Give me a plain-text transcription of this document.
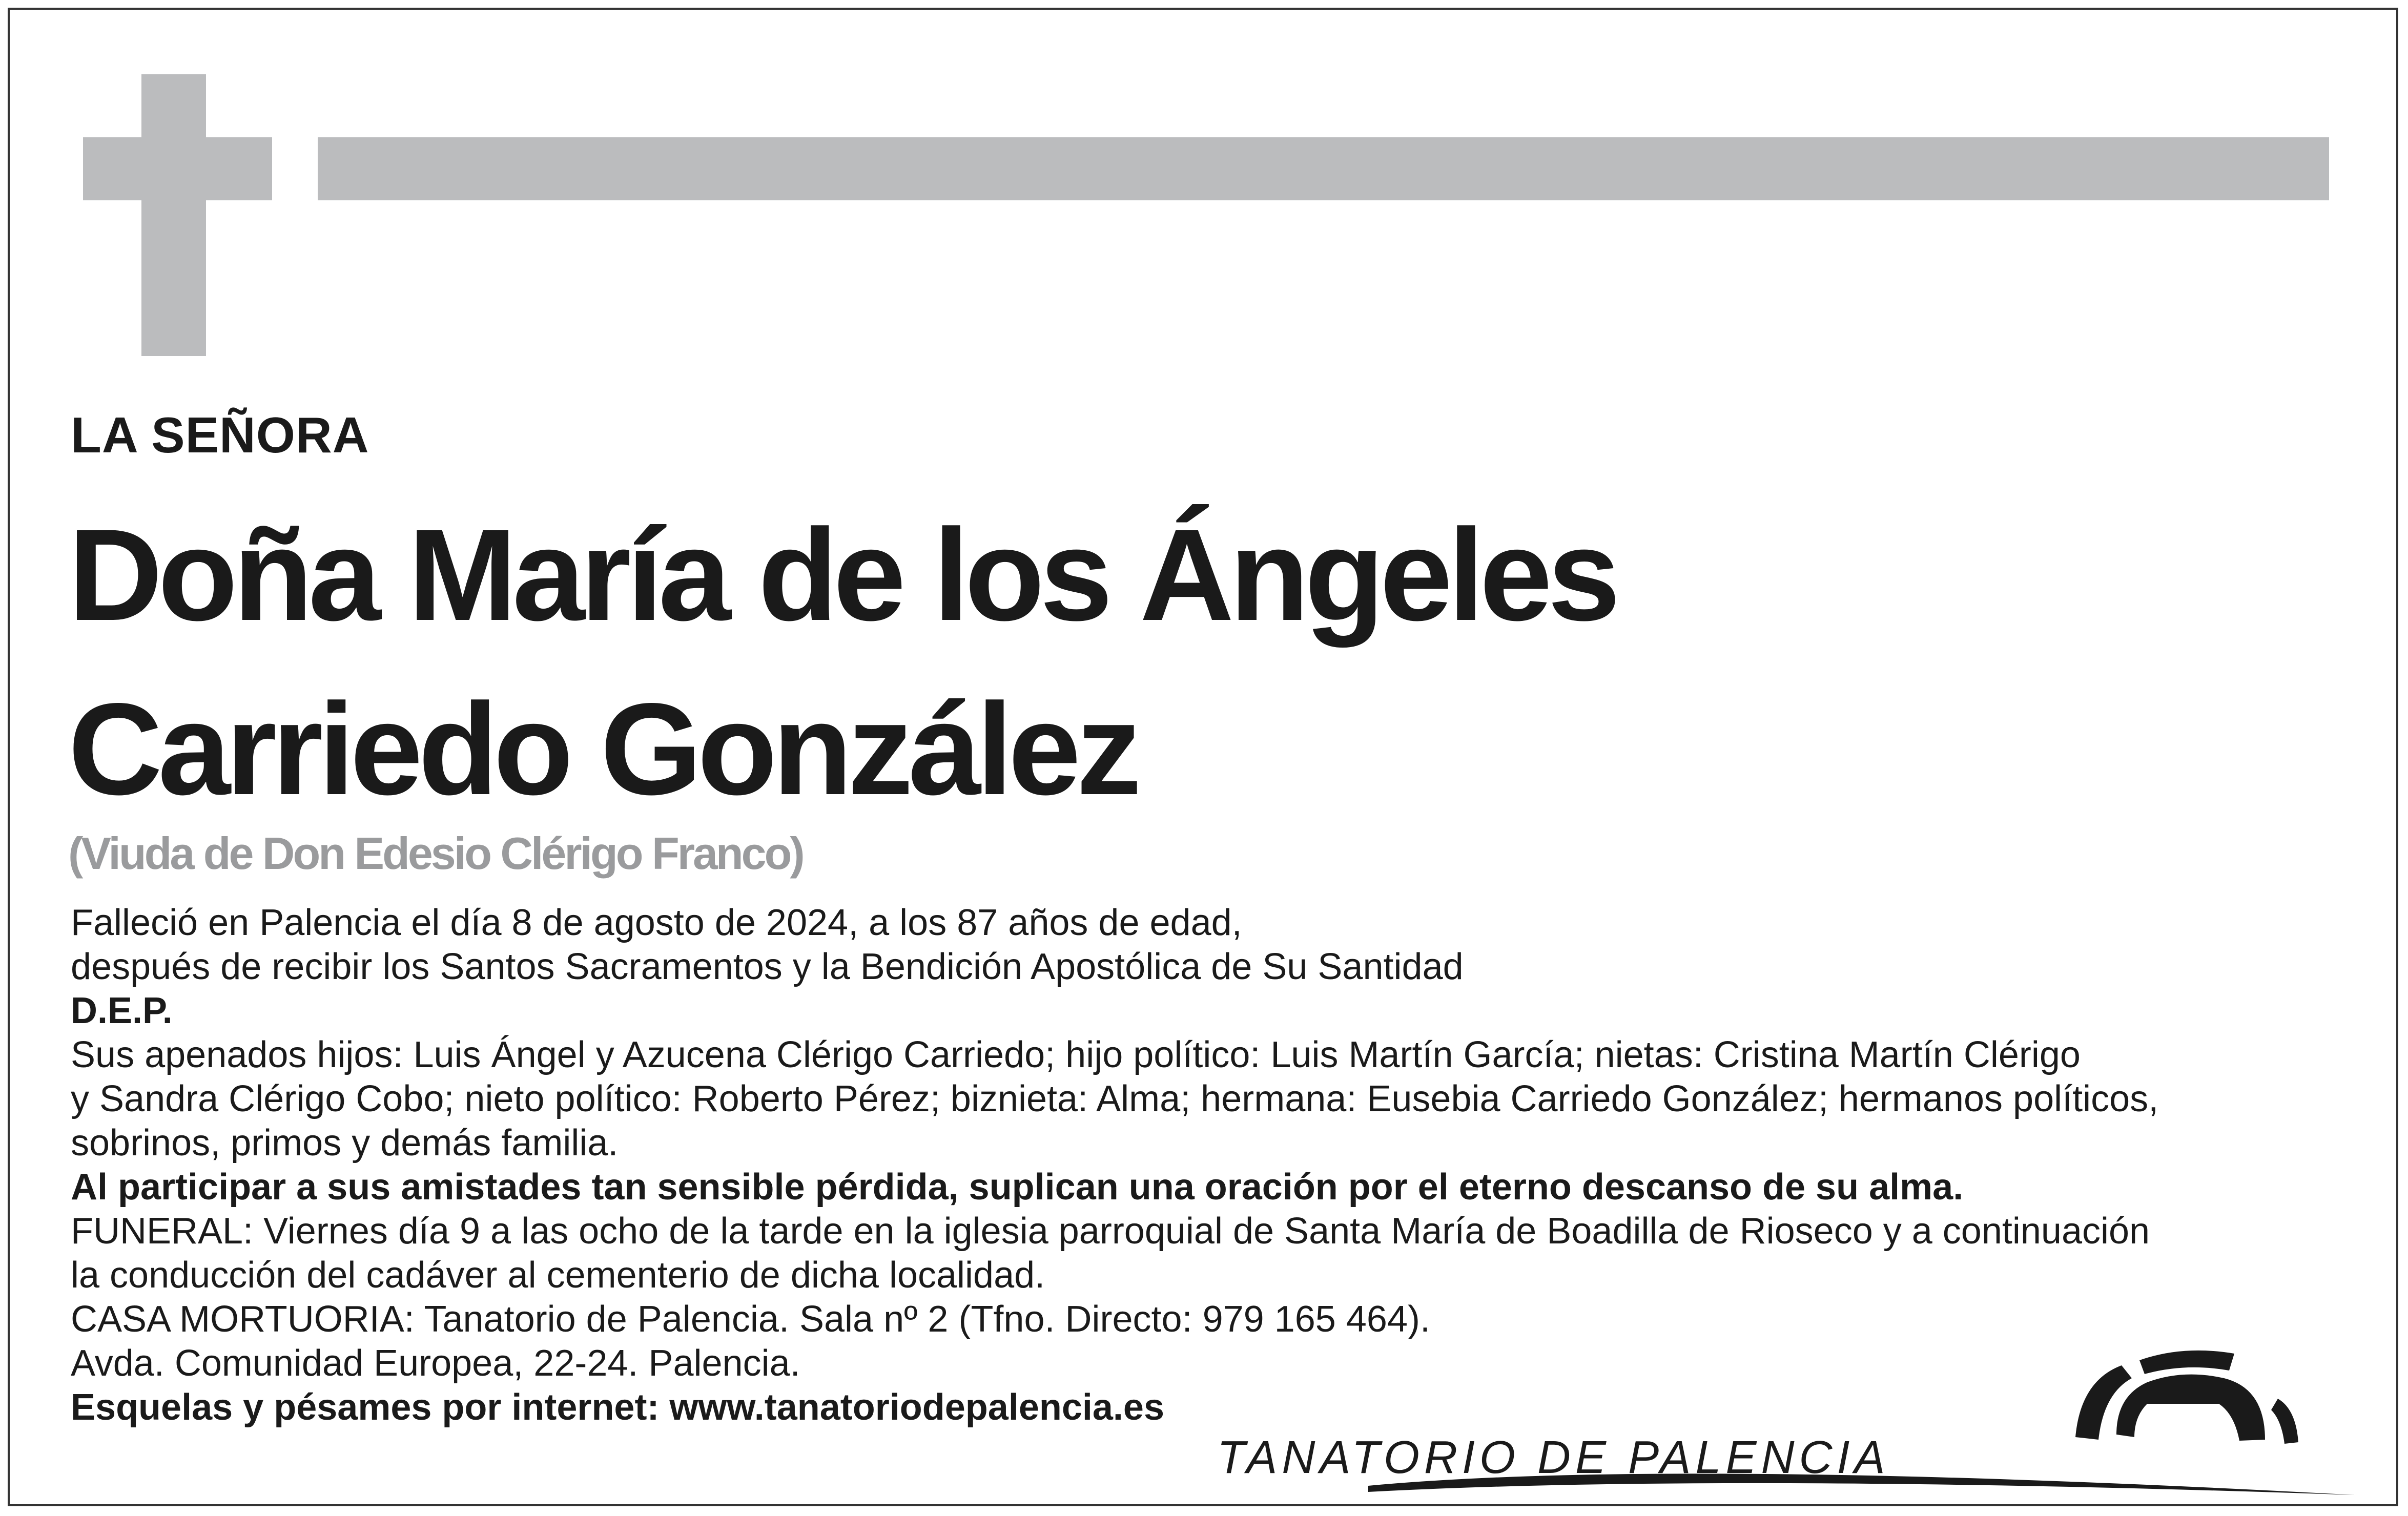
LA SEÑORA
Doña María de los Ángeles
Carriedo González
(Viuda de Don Edesio Clérigo Franco)
Falleció en Palencia el día 8 de agosto de 2024, a los 87 años de edad,
después de recibir los Santos Sacramentos y la Bendición Apostólica de Su Santidad
D.E.P.
Sus apenados hijos: Luis Ángel y Azucena Clérigo Carriedo; hijo político: Luis Martín García; nietas: Cristina Martín Clérigo
y Sandra Clérigo Cobo; nieto político: Roberto Pérez; biznieta: Alma; hermana: Eusebia Carriedo González; hermanos políticos,
sobrinos, primos y demás familia.
Al participar a sus amistades tan sensible pérdida, suplican una oración por el eterno descanso de su alma.
FUNERAL: Viernes día 9 a las ocho de la tarde en la iglesia parroquial de Santa María de Boadilla de Rioseco y a continuación
la conducción del cadáver al cementerio de dicha localidad.
CASA MORTUORIA: Tanatorio de Palencia. Sala nº 2 (Tfno. Directo: 979 165 464).
Avda. Comunidad Europea, 22-24. Palencia.
Esquelas y pésames por internet: www.tanatoriodepalencia.es
TANATORIO DE PALENCIA
